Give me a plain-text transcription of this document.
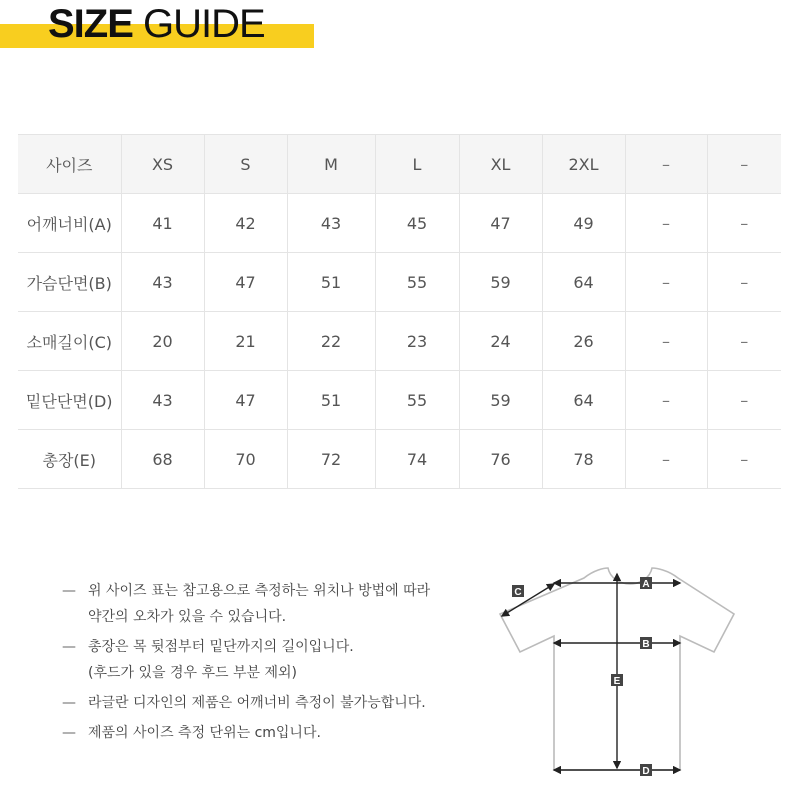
SIZE GUIDE
사이즈	XS	S	M	L	XL	2XL	–	–
어깨너비(A)	41	42	43	45	47	49	–	–
가슴단면(B)	43	47	51	55	59	64	–	–
소매길이(C)	20	21	22	23	24	26	–	–
밑단단면(D)	43	47	51	55	59	64	–	–
총장(E)	68	70	72	74	76	78	–	–
— 위 사이즈 표는 참고용으로 측정하는 위치나 방법에 따라
약간의 오차가 있을 수 있습니다.
— 총장은 목 뒷점부터 밑단까지의 길이입니다.
(후드가 있을 경우 후드 부분 제외)
— 라글란 디자인의 제품은 어깨너비 측정이 불가능합니다.
— 제품의 사이즈 측정 단위는 cm입니다.
A
B
C
E
D
